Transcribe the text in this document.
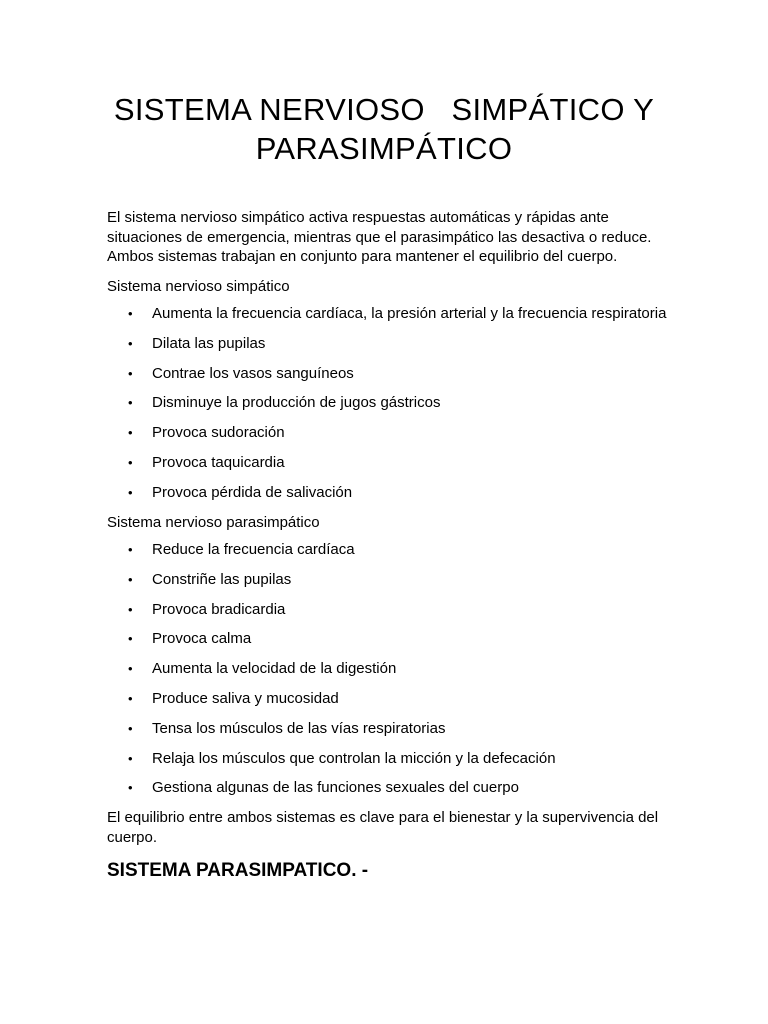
SISTEMA NERVIOSO   SIMPÁTICO Y
PARASIMPÁTICO

El sistema nervioso simpático activa respuestas automáticas y rápidas ante situaciones de emergencia, mientras que el parasimpático las desactiva o reduce. Ambos sistemas trabajan en conjunto para mantener el equilibrio del cuerpo.

Sistema nervioso simpático

• Aumenta la frecuencia cardíaca, la presión arterial y la frecuencia respiratoria
• Dilata las pupilas
• Contrae los vasos sanguíneos
• Disminuye la producción de jugos gástricos
• Provoca sudoración
• Provoca taquicardia
• Provoca pérdida de salivación

Sistema nervioso parasimpático

• Reduce la frecuencia cardíaca
• Constriñe las pupilas
• Provoca bradicardia
• Provoca calma
• Aumenta la velocidad de la digestión
• Produce saliva y mucosidad
• Tensa los músculos de las vías respiratorias
• Relaja los músculos que controlan la micción y la defecación
• Gestiona algunas de las funciones sexuales del cuerpo

El equilibrio entre ambos sistemas es clave para el bienestar y la supervivencia del cuerpo.

SISTEMA PARASIMPATICO. -
